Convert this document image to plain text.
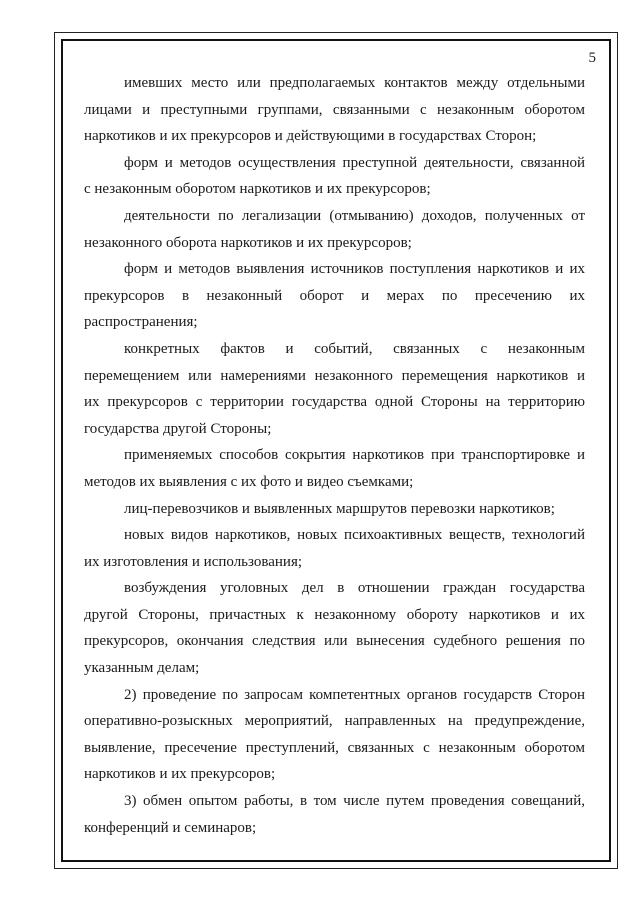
5
имевших место или предполагаемых контактов между отдельными
лицами и преступными группами, связанными с незаконным оборотом
наркотиков и их прекурсоров и действующими в государствах Сторон;
форм и методов осуществления преступной деятельности, связанной
с незаконным оборотом наркотиков и их прекурсоров;
деятельности по легализации (отмыванию) доходов, полученных от
незаконного оборота наркотиков и их прекурсоров;
форм и методов выявления источников поступления наркотиков и их
прекурсоров в незаконный оборот и мерах по пресечению их
распространения;
конкретных фактов и событий, связанных с незаконным
перемещением или намерениями незаконного перемещения наркотиков и
их прекурсоров с территории государства одной Стороны на территорию
государства другой Стороны;
применяемых способов сокрытия наркотиков при транспортировке и
методов их выявления с их фото и видео съемками;
лиц-перевозчиков и выявленных маршрутов перевозки наркотиков;
новых видов наркотиков, новых психоактивных веществ, технологий
их изготовления и использования;
возбуждения уголовных дел в отношении граждан государства
другой Стороны, причастных к незаконному обороту наркотиков и их
прекурсоров, окончания следствия или вынесения судебного решения по
указанным делам;
2) проведение по запросам компетентных органов государств Сторон
оперативно-розыскных мероприятий, направленных на предупреждение,
выявление, пресечение преступлений, связанных с незаконным оборотом
наркотиков и их прекурсоров;
3) обмен опытом работы, в том числе путем проведения совещаний,
конференций и семинаров;
